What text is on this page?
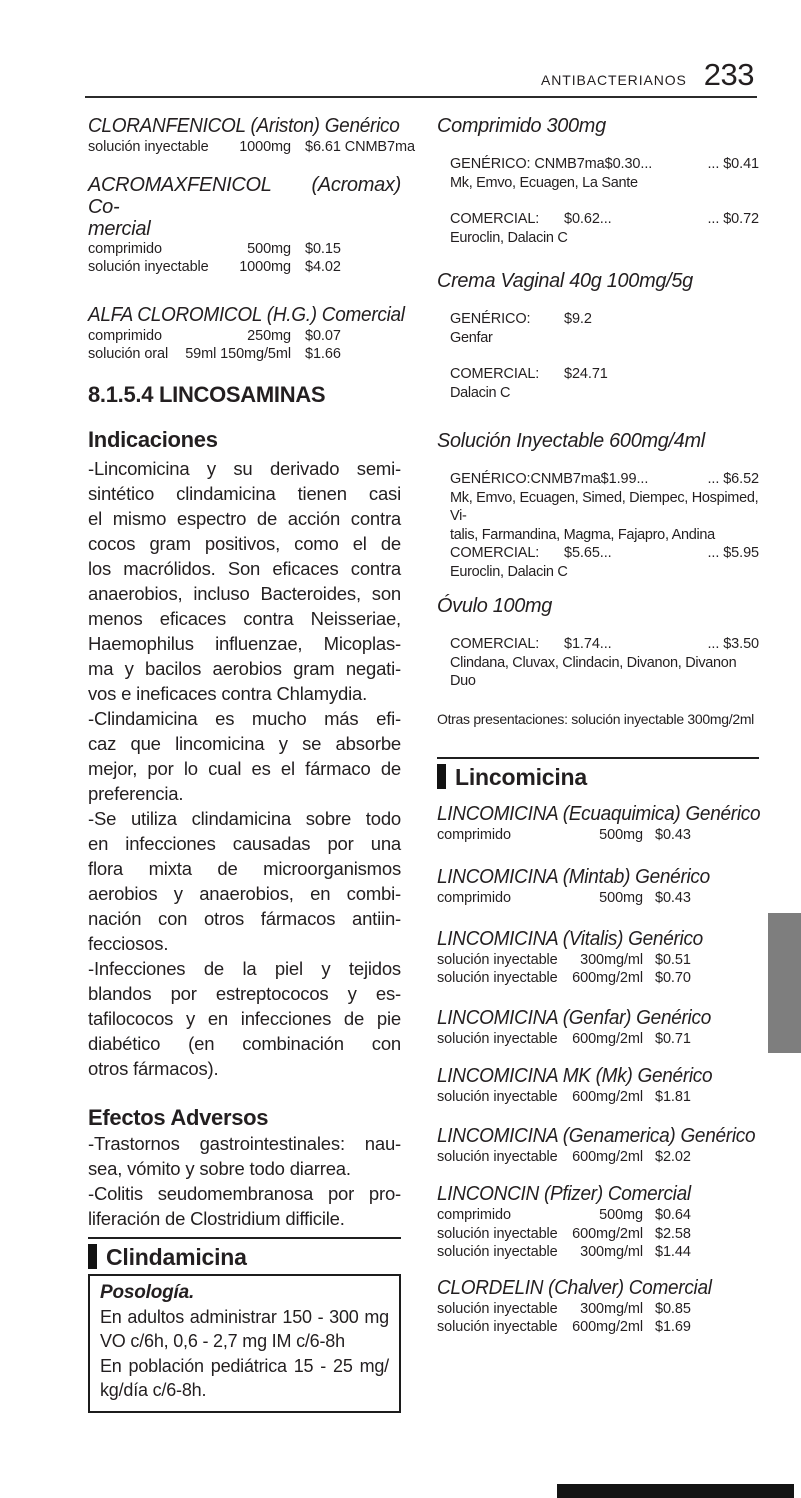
ANTIBACTERIANOS 233
CLORANFENICOL (Ariston) Genérico
solución inyectable 1000mg $6.61 CNMB7ma
ACROMAXFENICOL (Acromax) Co-
mercial
comprimido	500mg $0.15
solución inyectable 1000mg $4.02
ALFA CLOROMICOL (H.G.) Comercial
comprimido	250mg $0.07
solución oral 59ml 150mg/5ml $1.66
8.1.5.4 LINCOSAMINAS
Indicaciones
-Lincomicina y su derivado semi-
sintético clindamicina tienen casi
el mismo espectro de acción contra
cocos gram positivos, como el de
los macrólidos. Son eficaces contra
anaerobios, incluso Bacteroides, son
menos eficaces contra Neisseriae,
Haemophilus influenzae, Micoplas-
ma y bacilos aerobios gram negati-
vos e ineficaces contra Chlamydia.
-Clindamicina es mucho más efi-
caz que lincomicina y se absorbe
mejor, por lo cual es el fármaco de
preferencia.
-Se utiliza clindamicina sobre todo
en infecciones causadas por una
flora mixta de microorganismos
aerobios y anaerobios, en combi-
nación con otros fármacos antiin-
fecciosos.
-Infecciones de la piel y tejidos
blandos por estreptococos y es-
tafilococos y en infecciones de pie
diabético (en combinación con
otros fármacos).
Efectos Adversos
-Trastornos gastrointestinales: nau-
sea, vómito y sobre todo diarrea.
-Colitis seudomembranosa por pro-
liferación de Clostridium difficile.
Clindamicina
Posología.
En adultos administrar 150 - 300 mg
VO c/6h, 0,6 - 2,7 mg IM c/6-8h
En población pediátrica 15 - 25 mg/
kg/día c/6-8h.
Comprimido 300mg
GENÉRICO: CNMB7ma $0.30...	... $0.41
Mk, Emvo, Ecuagen, La Sante
COMERCIAL: $0.62...	... $0.72
Euroclin, Dalacin C
Crema Vaginal 40g 100mg/5g
GENÉRICO: $9.2
Genfar
COMERCIAL: $24.71
Dalacin C
Solución Inyectable 600mg/4ml
GENÉRICO:CNMB7ma $1.99...	... $6.52
Mk, Emvo, Ecuagen, Simed, Diempec, Hospimed, Vi-
talis, Farmandina, Magma, Fajapro, Andina
COMERCIAL: $5.65...	... $5.95
Euroclin, Dalacin C
Óvulo 100mg
COMERCIAL: $1.74...	... $3.50
Clindana, Cluvax, Clindacin, Divanon, Divanon Duo
Otras presentaciones: solución inyectable 300mg/2ml
Lincomicina
LINCOMICINA (Ecuaquimica) Genérico
comprimido	500mg $0.43
LINCOMICINA (Mintab) Genérico
comprimido	500mg $0.43
LINCOMICINA (Vitalis) Genérico
solución inyectable 300mg/ml $0.51
solución inyectable 600mg/2ml $0.70
LINCOMICINA (Genfar) Genérico
solución inyectable 600mg/2ml $0.71
LINCOMICINA MK (Mk) Genérico
solución inyectable 600mg/2ml $1.81
LINCOMICINA (Genamerica) Genérico
solución inyectable 600mg/2ml $2.02
LINCONCIN (Pfizer) Comercial
comprimido	500mg $0.64
solución inyectable 600mg/2ml $2.58
solución inyectable 300mg/ml $1.44
CLORDELIN (Chalver) Comercial
solución inyectable 300mg/ml $0.85
solución inyectable 600mg/2ml $1.69
